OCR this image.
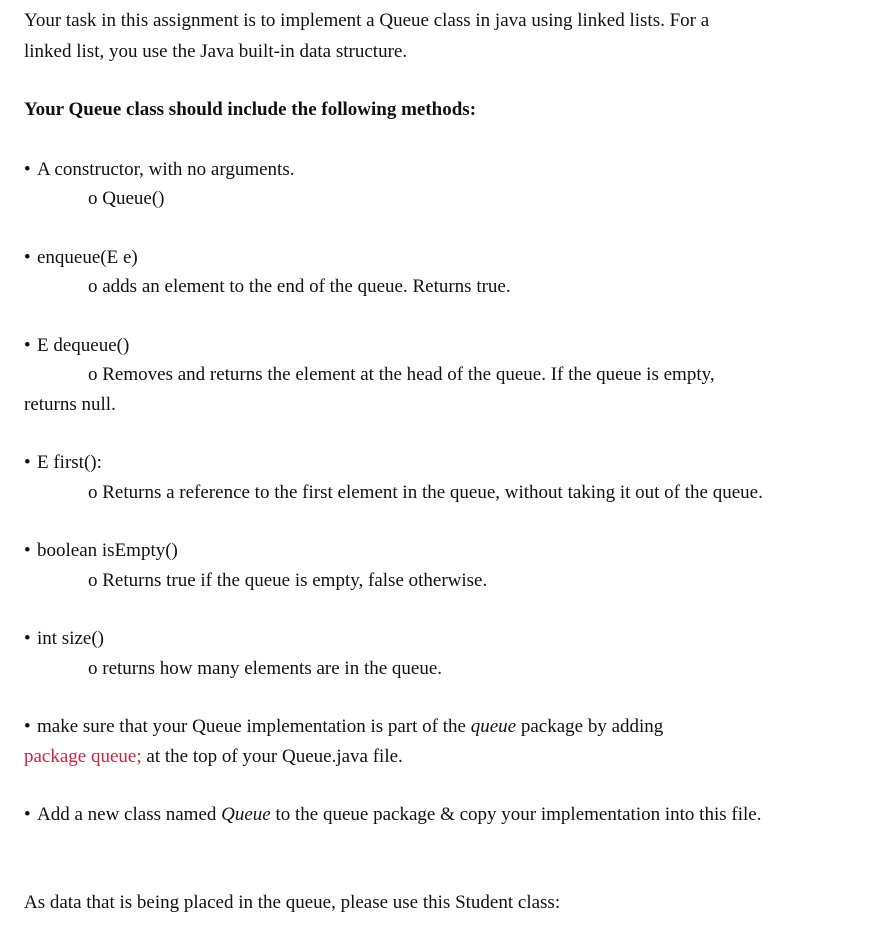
Your task in this assignment is to implement a Queue class in java using linked lists. For a
linked list, you use the Java built-in data structure.
Your Queue class should include the following methods:
• A constructor, with no arguments.
o Queue()
• enqueue(E e)
o adds an element to the end of the queue. Returns true.
• E dequeue()
o Removes and returns the element at the head of the queue. If the queue is empty,
returns null.
• E first():
o Returns a reference to the first element in the queue, without taking it out of the queue.
• boolean isEmpty()
o Returns true if the queue is empty, false otherwise.
• int size()
o returns how many elements are in the queue.
• make sure that your Queue implementation is part of the queue package by adding
package queue; at the top of your Queue.java file.
• Add a new class named Queue to the queue package & copy your implementation into this file.
As data that is being placed in the queue, please use this Student class:
